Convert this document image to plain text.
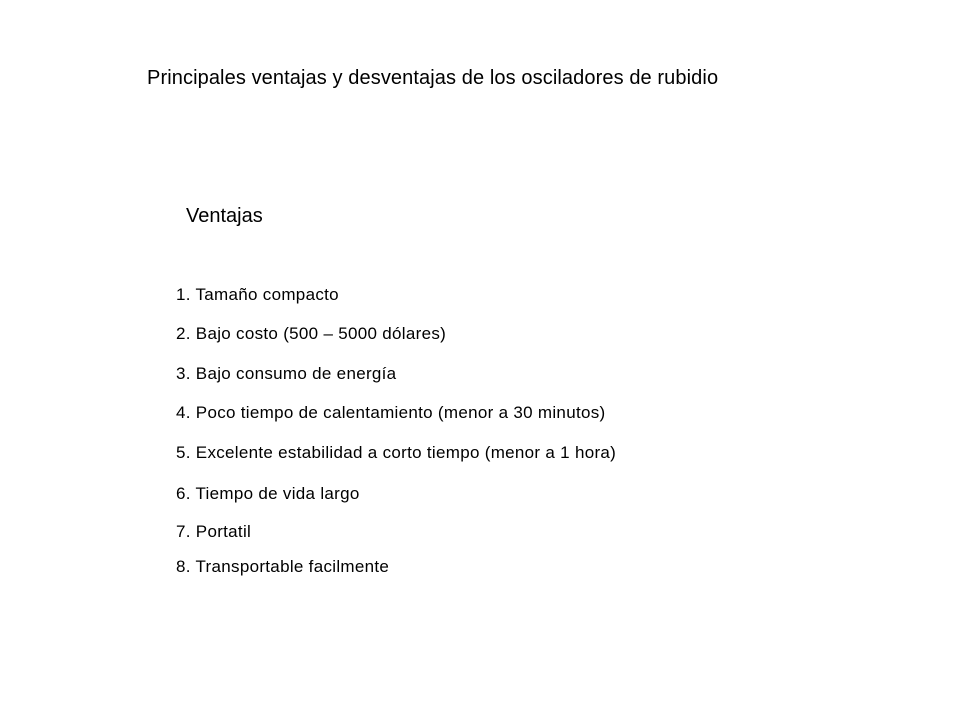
Principales ventajas y desventajas de los osciladores de rubidio
Ventajas
1. Tamaño compacto
2. Bajo costo (500 – 5000 dólares)
3. Bajo consumo de energía
4. Poco tiempo de calentamiento (menor a 30 minutos)
5. Excelente estabilidad a corto tiempo (menor a 1 hora)
6. Tiempo de vida largo
7. Portatil
8. Transportable facilmente
